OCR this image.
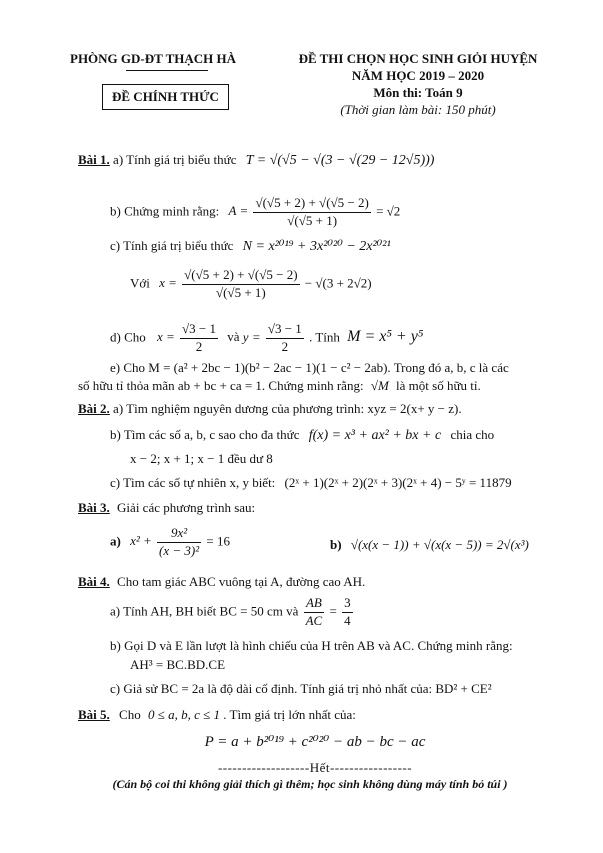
PHÒNG GD-ĐT THẠCH HÀ
ĐỀ CHÍNH THỨC
ĐỀ THI CHỌN HỌC SINH GIỎI HUYỆN
NĂM HỌC 2019 – 2020
Môn thi: Toán 9
(Thời gian làm bài: 150 phút)
Bài 1. a) Tính giá trị biểu thức T = √(√5 − √(3 − √(29 − 12√5)))
b) Chứng minh rằng: $A = \frac{√(√5 + 2) + √(√5 - 2)}{√(√5 + 1)} = √2$
c) Tính giá trị biểu thức N = x²⁰¹⁹ + 3x²⁰²⁰ − 2x²⁰²¹
Với $x = \frac{√(√5 + 2) + √(√5 - 2)}{√(√5 + 1)} - √(3 + 2√2)$
d) Cho $x = \frac{√3 - 1}{2}$ và $y = \frac{√3 - 1}{2}$ . Tính M = x⁵ + y⁵
e) Cho M = (a² + 2bc − 1)(b² − 2ac − 1)(1 − c² − 2ab). Trong đó a, b, c là các
số hữu tỉ thỏa mãn ab + bc + ca = 1. Chứng minh rằng: √M là một số hữu tỉ.
Bài 2. a) Tìm nghiệm nguyên dương của phương trình: xyz = 2(x+ y − z).
b) Tìm các số a, b, c sao cho đa thức f(x) = x³ + ax² + bx + c chia cho
x − 2; x + 1; x − 1 đều dư 8
c) Tìm các số tự nhiên x, y biết: (2ˣ + 1)(2ˣ + 2)(2ˣ + 3)(2ˣ + 4) − 5ʸ = 11879
Bài 3. Giải các phương trình sau:
a) $x^2 + \frac{\text{9x²}}{\text{(x − 3)²}} = 16$	b) √(x(x − 1)) + √(x(x − 5)) = 2√(x³)
Bài 4. Cho tam giác ABC vuông tại A, đường cao AH.
a) Tính AH, BH biết BC = 50 cm và $\frac{AB}{AC} = \frac{3}{4}$
b) Gọi D và E lần lượt là hình chiếu của H trên AB và AC. Chứng minh rằng:
AH³ = BC.BD.CE
c) Giả sử BC = 2a là độ dài cố định. Tính giá trị nhỏ nhất của: BD² + CE²
Bài 5. Cho 0 ≤ a, b, c ≤ 1 . Tìm giá trị lớn nhất của:
P = a + b²⁰¹⁹ + c²⁰²⁰ − ab − bc − ac
-------------------Hết-----------------
(Cán bộ coi thi không giải thích gì thêm; học sinh không dùng máy tính bỏ túi )
